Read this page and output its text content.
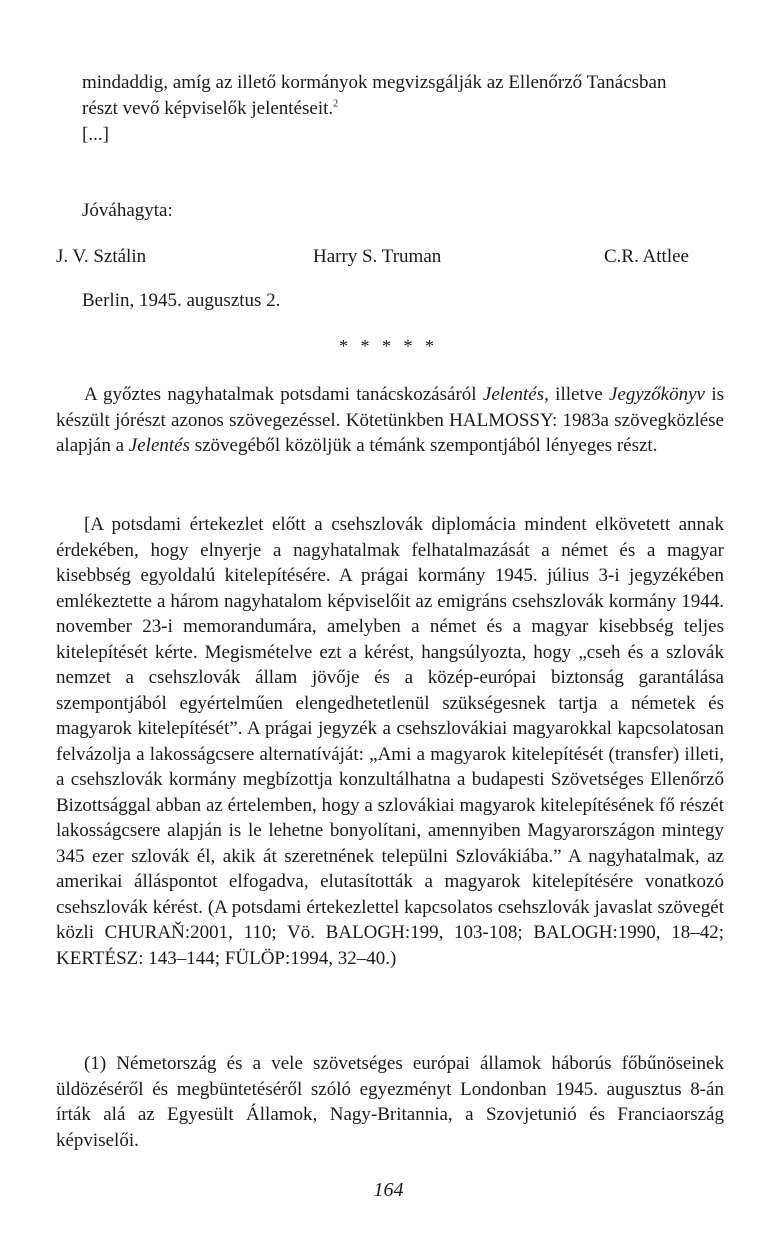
mindaddig, amíg az illető kormányok megvizsgálják az Ellenőrző Tanácsban
részt vevő képviselők jelentéseit.$^2$
[...]
Jóváhagyta:
J. V. Sztálin	Harry S. Truman	C.R. Attlee
Berlin, 1945. augusztus 2.
* * * * *

A győztes nagyhatalmak potsdami tanácskozásáról Jelentés, illetve Jegyzőkönyv is készült jórészt azonos szövegezéssel. Kötetünkben HALMOSSY: 1983a szövegközlése alapján a Jelentés szövegéből közöljük a témánk szempontjából lényeges részt.

[A potsdami értekezlet előtt a csehszlovák diplomácia mindent elkövetett annak érdekében, hogy elnyerje a nagyhatalmak felhatalmazását a német és a magyar kisebbség egyoldalú kitelepítésére. A prágai kormány 1945. július 3-i jegyzékében emlékeztette a három nagyhatalom képviselőit az emigráns csehszlovák kormány 1944. november 23-i memorandumára, amelyben a német és a magyar kisebbség teljes kitelepítését kérte. Megismételve ezt a kérést, hangsúlyozta, hogy „cseh és a szlovák nemzet a csehszlovák állam jövője és a közép-európai biztonság garantálása szempontjából egyértelműen elengedhetetlenül szükségesnek tartja a németek és magyarok kitelepítését”. A prágai jegyzék a csehszlovákiai magyarokkal kapcsolatosan felvázolja a lakosságcsere alternatíváját: „Ami a magyarok kitelepítését (transfer) illeti, a csehszlovák kormány megbízottja konzultálhatna a budapesti Szövetséges Ellenőrző Bizottsággal abban az értelemben, hogy a szlovákiai magyarok kitelepítésének fő részét lakosságcsere alapján is le lehetne bonyolítani, amennyiben Magyarországon mintegy 345 ezer szlovák él, akik át szeretnének települni Szlovákiába.” A nagyhatalmak, az amerikai álláspontot elfogadva, elutasították a magyarok kitelepítésére vonatkozó csehszlovák kérést. (A potsdami értekezlettel kapcsolatos csehszlovák javaslat szövegét közli CHURAŇ:2001, 110; Vö. BALOGH:199, 103-108; BALOGH:1990, 18–42; KERTÉSZ: 143–144; FÜLÖP:1994, 32–40.)

(1) Németország és a vele szövetséges európai államok háborús főbűnöseinek üldözéséről és megbüntetéséről szóló egyezményt Londonban 1945. augusztus 8-án írták alá az Egyesült Államok, Nagy-Britannia, a Szovjetunió és Franciaország képviselői.

164
